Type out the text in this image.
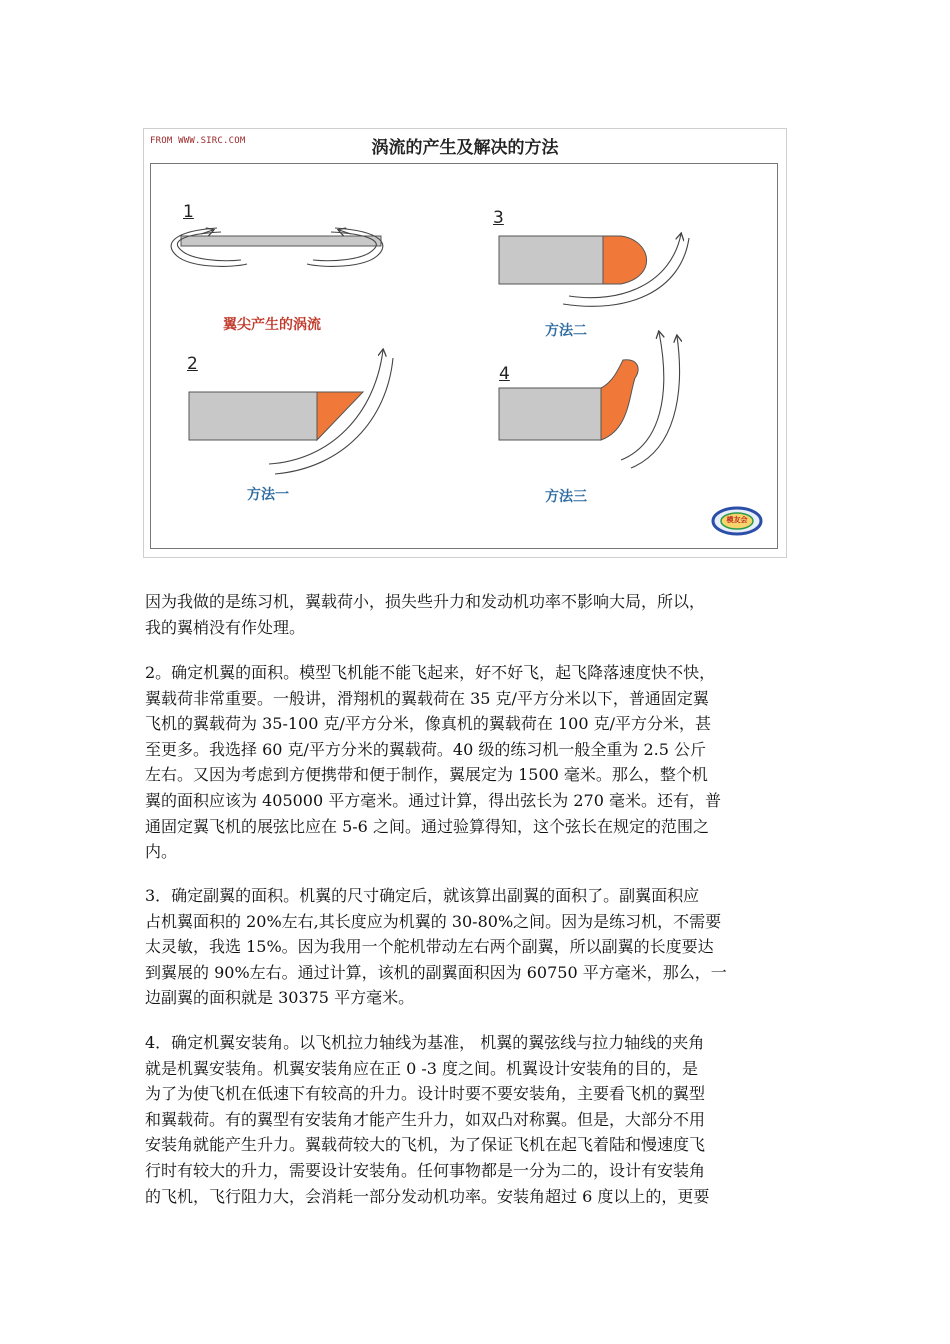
FROM WWW.SIRC.COM	涡流的产生及解决的方法
1
2
3
4
翼尖产生的涡流
方法一
方法二
方法三
模友会
因为我做的是练习机，翼载荷小，损失些升力和发动机功率不影响大局，所以，
我的翼梢没有作处理。
2。确定机翼的面积。模型飞机能不能飞起来，好不好飞，起飞降落速度快不快，
翼载荷非常重要。一般讲，滑翔机的翼载荷在 35 克/平方分米以下，普通固定翼
飞机的翼载荷为 35-100 克/平方分米，像真机的翼载荷在 100 克/平方分米，甚
至更多。我选择 60 克/平方分米的翼载荷。40 级的练习机一般全重为 2.5 公斤
左右。又因为考虑到方便携带和便于制作，翼展定为 1500 毫米。那么，整个机
翼的面积应该为 405000 平方毫米。通过计算，得出弦长为 270 毫米。还有，普
通固定翼飞机的展弦比应在 5-6 之间。通过验算得知，这个弦长在规定的范围之
内。
3．确定副翼的面积。机翼的尺寸确定后，就该算出副翼的面积了。副翼面积应
占机翼面积的 20%左右,其长度应为机翼的 30-80%之间。因为是练习机，不需要
太灵敏，我选 15%。因为我用一个舵机带动左右两个副翼，所以副翼的长度要达
到翼展的 90%左右。通过计算，该机的副翼面积因为 60750 平方毫米，那么，一
边副翼的面积就是 30375 平方毫米。
4．确定机翼安装角。以飞机拉力轴线为基准， 机翼的翼弦线与拉力轴线的夹角
就是机翼安装角。机翼安装角应在正 0 -3 度之间。机翼设计安装角的目的，是
为了为使飞机在低速下有较高的升力。设计时要不要安装角，主要看飞机的翼型
和翼载荷。有的翼型有安装角才能产生升力，如双凸对称翼。但是，大部分不用
安装角就能产生升力。翼载荷较大的飞机，为了保证飞机在起飞着陆和慢速度飞
行时有较大的升力，需要设计安装角。任何事物都是一分为二的，设计有安装角
的飞机，飞行阻力大，会消耗一部分发动机功率。安装角超过 6 度以上的，更要
